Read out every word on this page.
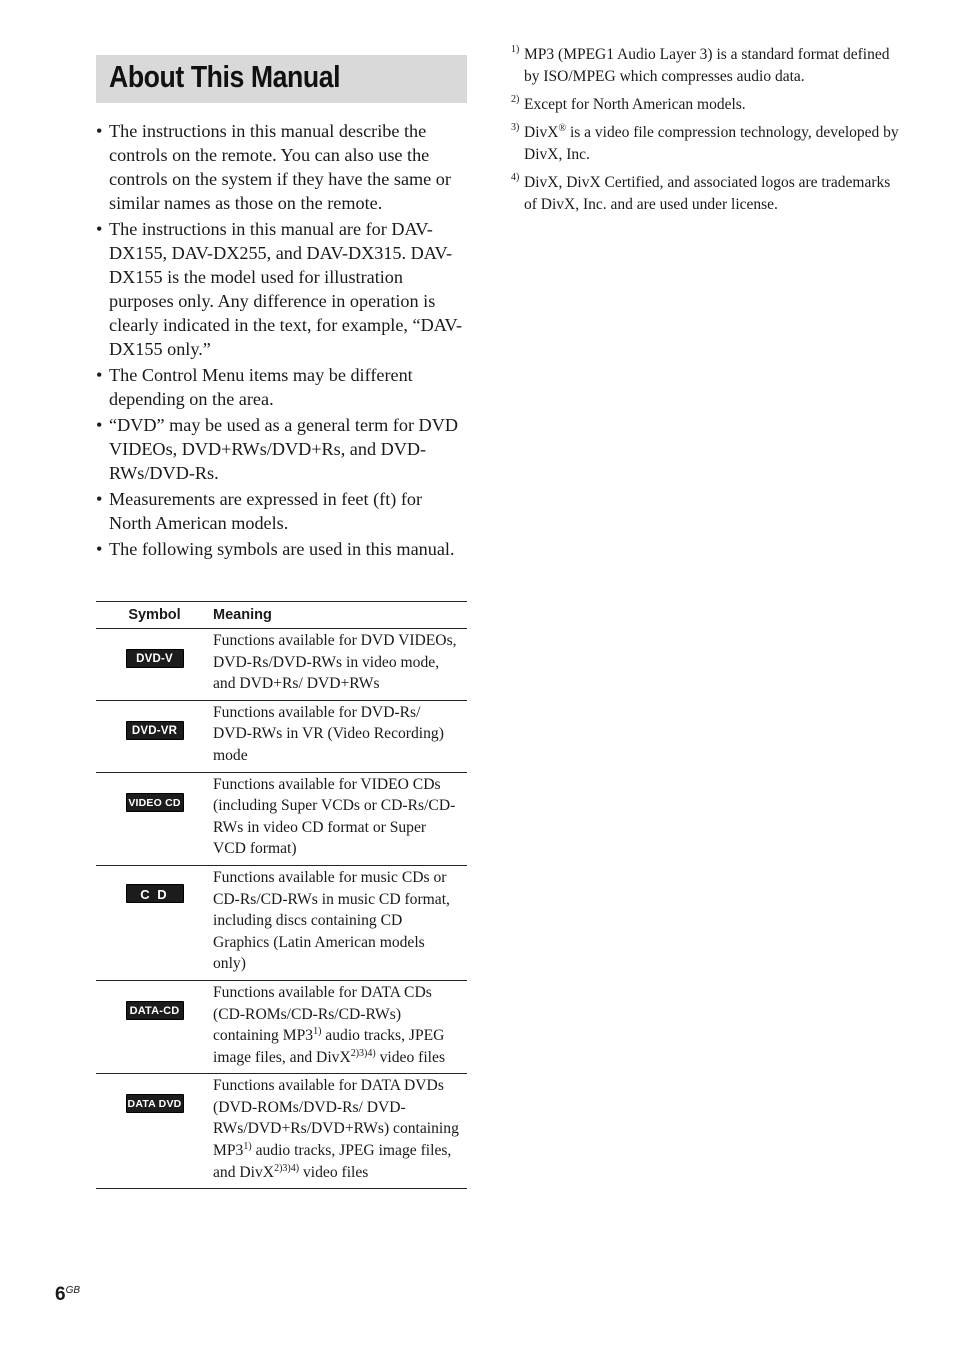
About This Manual
• The instructions in this manual describe the controls on the remote. You can also use the controls on the system if they have the same or similar names as those on the remote.
• The instructions in this manual are for DAV-DX155, DAV-DX255, and DAV-DX315. DAV-DX155 is the model used for illustration purposes only. Any difference in operation is clearly indicated in the text, for example, “DAV-DX155 only.”
• The Control Menu items may be different depending on the area.
• “DVD” may be used as a general term for DVD VIDEOs, DVD+RWs/DVD+Rs, and DVD-RWs/DVD-Rs.
• Measurements are expressed in feet (ft) for North American models.
• The following symbols are used in this manual.
Symbol	Meaning
DVD-V	Functions available for DVD VIDEOs, DVD-Rs/DVD-RWs in video mode, and DVD+Rs/ DVD+RWs
DVD-VR	Functions available for DVD-Rs/ DVD-RWs in VR (Video Recording) mode
VIDEO CD	Functions available for VIDEO CDs (including Super VCDs or CD-Rs/CD-RWs in video CD format or Super VCD format)
C D	Functions available for music CDs or CD-Rs/CD-RWs in music CD format, including discs containing CD Graphics (Latin American models only)
DATA-CD	Functions available for DATA CDs (CD-ROMs/CD-Rs/CD-RWs) containing MP3$^{1)}$ audio tracks, JPEG image files, and DivX$^{2)3)4)}$ video files
DATA DVD	Functions available for DATA DVDs (DVD-ROMs/DVD-Rs/ DVD-RWs/DVD+Rs/DVD+RWs) containing MP3$^{1)}$ audio tracks, JPEG image files, and DivX$^{2)3)4)}$ video files
1) MP3 (MPEG1 Audio Layer 3) is a standard format defined by ISO/MPEG which compresses audio data.
2) Except for North American models.
3) DivX® is a video file compression technology, developed by DivX, Inc.
4) DivX, DivX Certified, and associated logos are trademarks of DivX, Inc. and are used under license.
$6^{GB}$
